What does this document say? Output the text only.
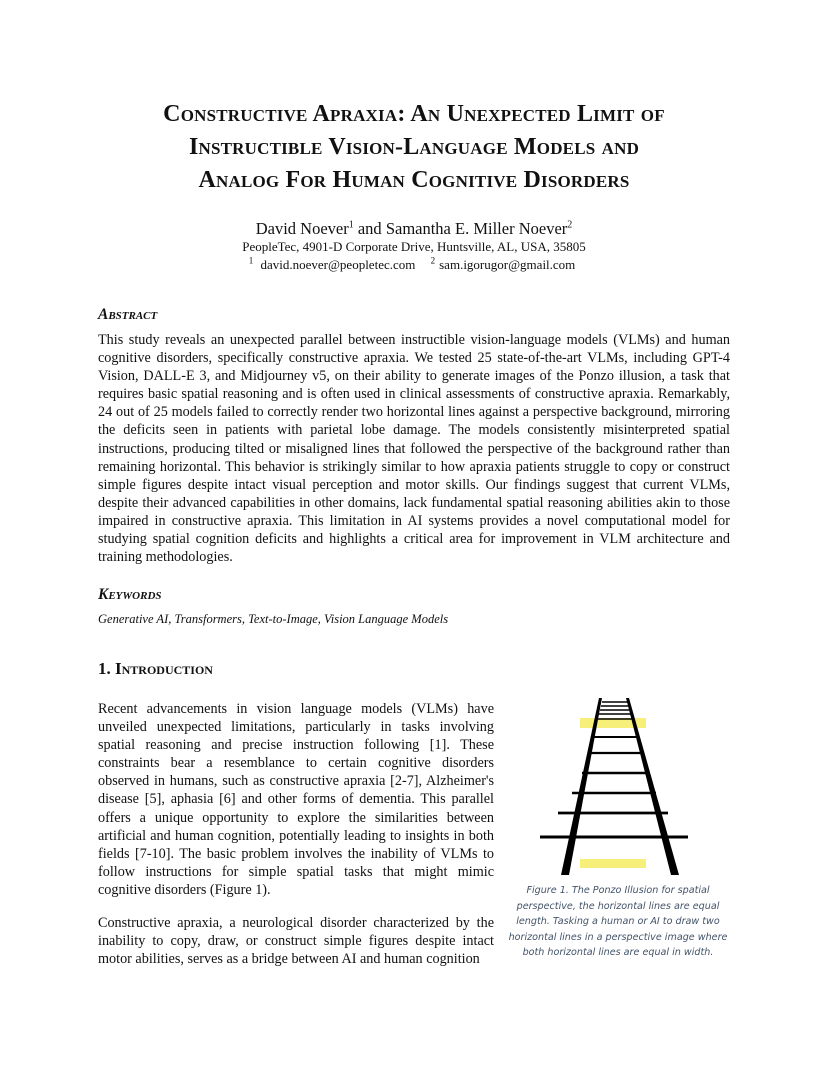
Constructive Apraxia: An Unexpected Limit of
Instructible Vision-Language Models and
Analog For Human Cognitive Disorders
David Noever$^1$ and Samantha E. Miller Noever$^2$
PeopleTec, 4901-D Corporate Drive, Huntsville, AL, USA, 35805
$^1$ david.noever@peopletec.com $^2$ sam.igorugor@gmail.com
Abstract
This study reveals an unexpected parallel between instructible vision-language models (VLMs) and human cognitive disorders, specifically constructive apraxia. We tested 25 state-of-the-art VLMs, including GPT-4 Vision, DALL-E 3, and Midjourney v5, on their ability to generate images of the Ponzo illusion, a task that requires basic spatial reasoning and is often used in clinical assessments of constructive apraxia. Remarkably, 24 out of 25 models failed to correctly render two horizontal lines against a perspective background, mirroring the deficits seen in patients with parietal lobe damage. The models consistently misinterpreted spatial instructions, producing tilted or misaligned lines that followed the perspective of the background rather than remaining horizontal. This behavior is strikingly similar to how apraxia patients struggle to copy or construct simple figures despite intact visual perception and motor skills. Our findings suggest that current VLMs, despite their advanced capabilities in other domains, lack fundamental spatial reasoning abilities akin to those impaired in constructive apraxia. This limitation in AI systems provides a novel computational model for studying spatial cognition deficits and highlights a critical area for improvement in VLM architecture and training methodologies.
Keywords
Generative AI, Transformers, Text-to-Image, Vision Language Models
1. Introduction
Recent advancements in vision language models (VLMs) have unveiled unexpected limitations, particularly in tasks involving spatial reasoning and precise instruction following [1]. These constraints bear a resemblance to certain cognitive disorders observed in humans, such as constructive apraxia [2-7], Alzheimer's disease [5], aphasia [6] and other forms of dementia. This parallel offers a unique opportunity to explore the similarities between artificial and human cognition, potentially leading to insights in both fields [7-10]. The basic problem involves the inability of VLMs to follow instructions for simple spatial tasks that might mimic cognitive disorders (Figure 1).
Constructive apraxia, a neurological disorder characterized by the inability to copy, draw, or construct simple figures despite intact motor abilities, serves as a bridge between AI and human cognition
Figure 1. The Ponzo Illusion for spatial perspective, the horizontal lines are equal length. Tasking a human or AI to draw two horizontal lines in a perspective image where both horizontal lines are equal in width.
